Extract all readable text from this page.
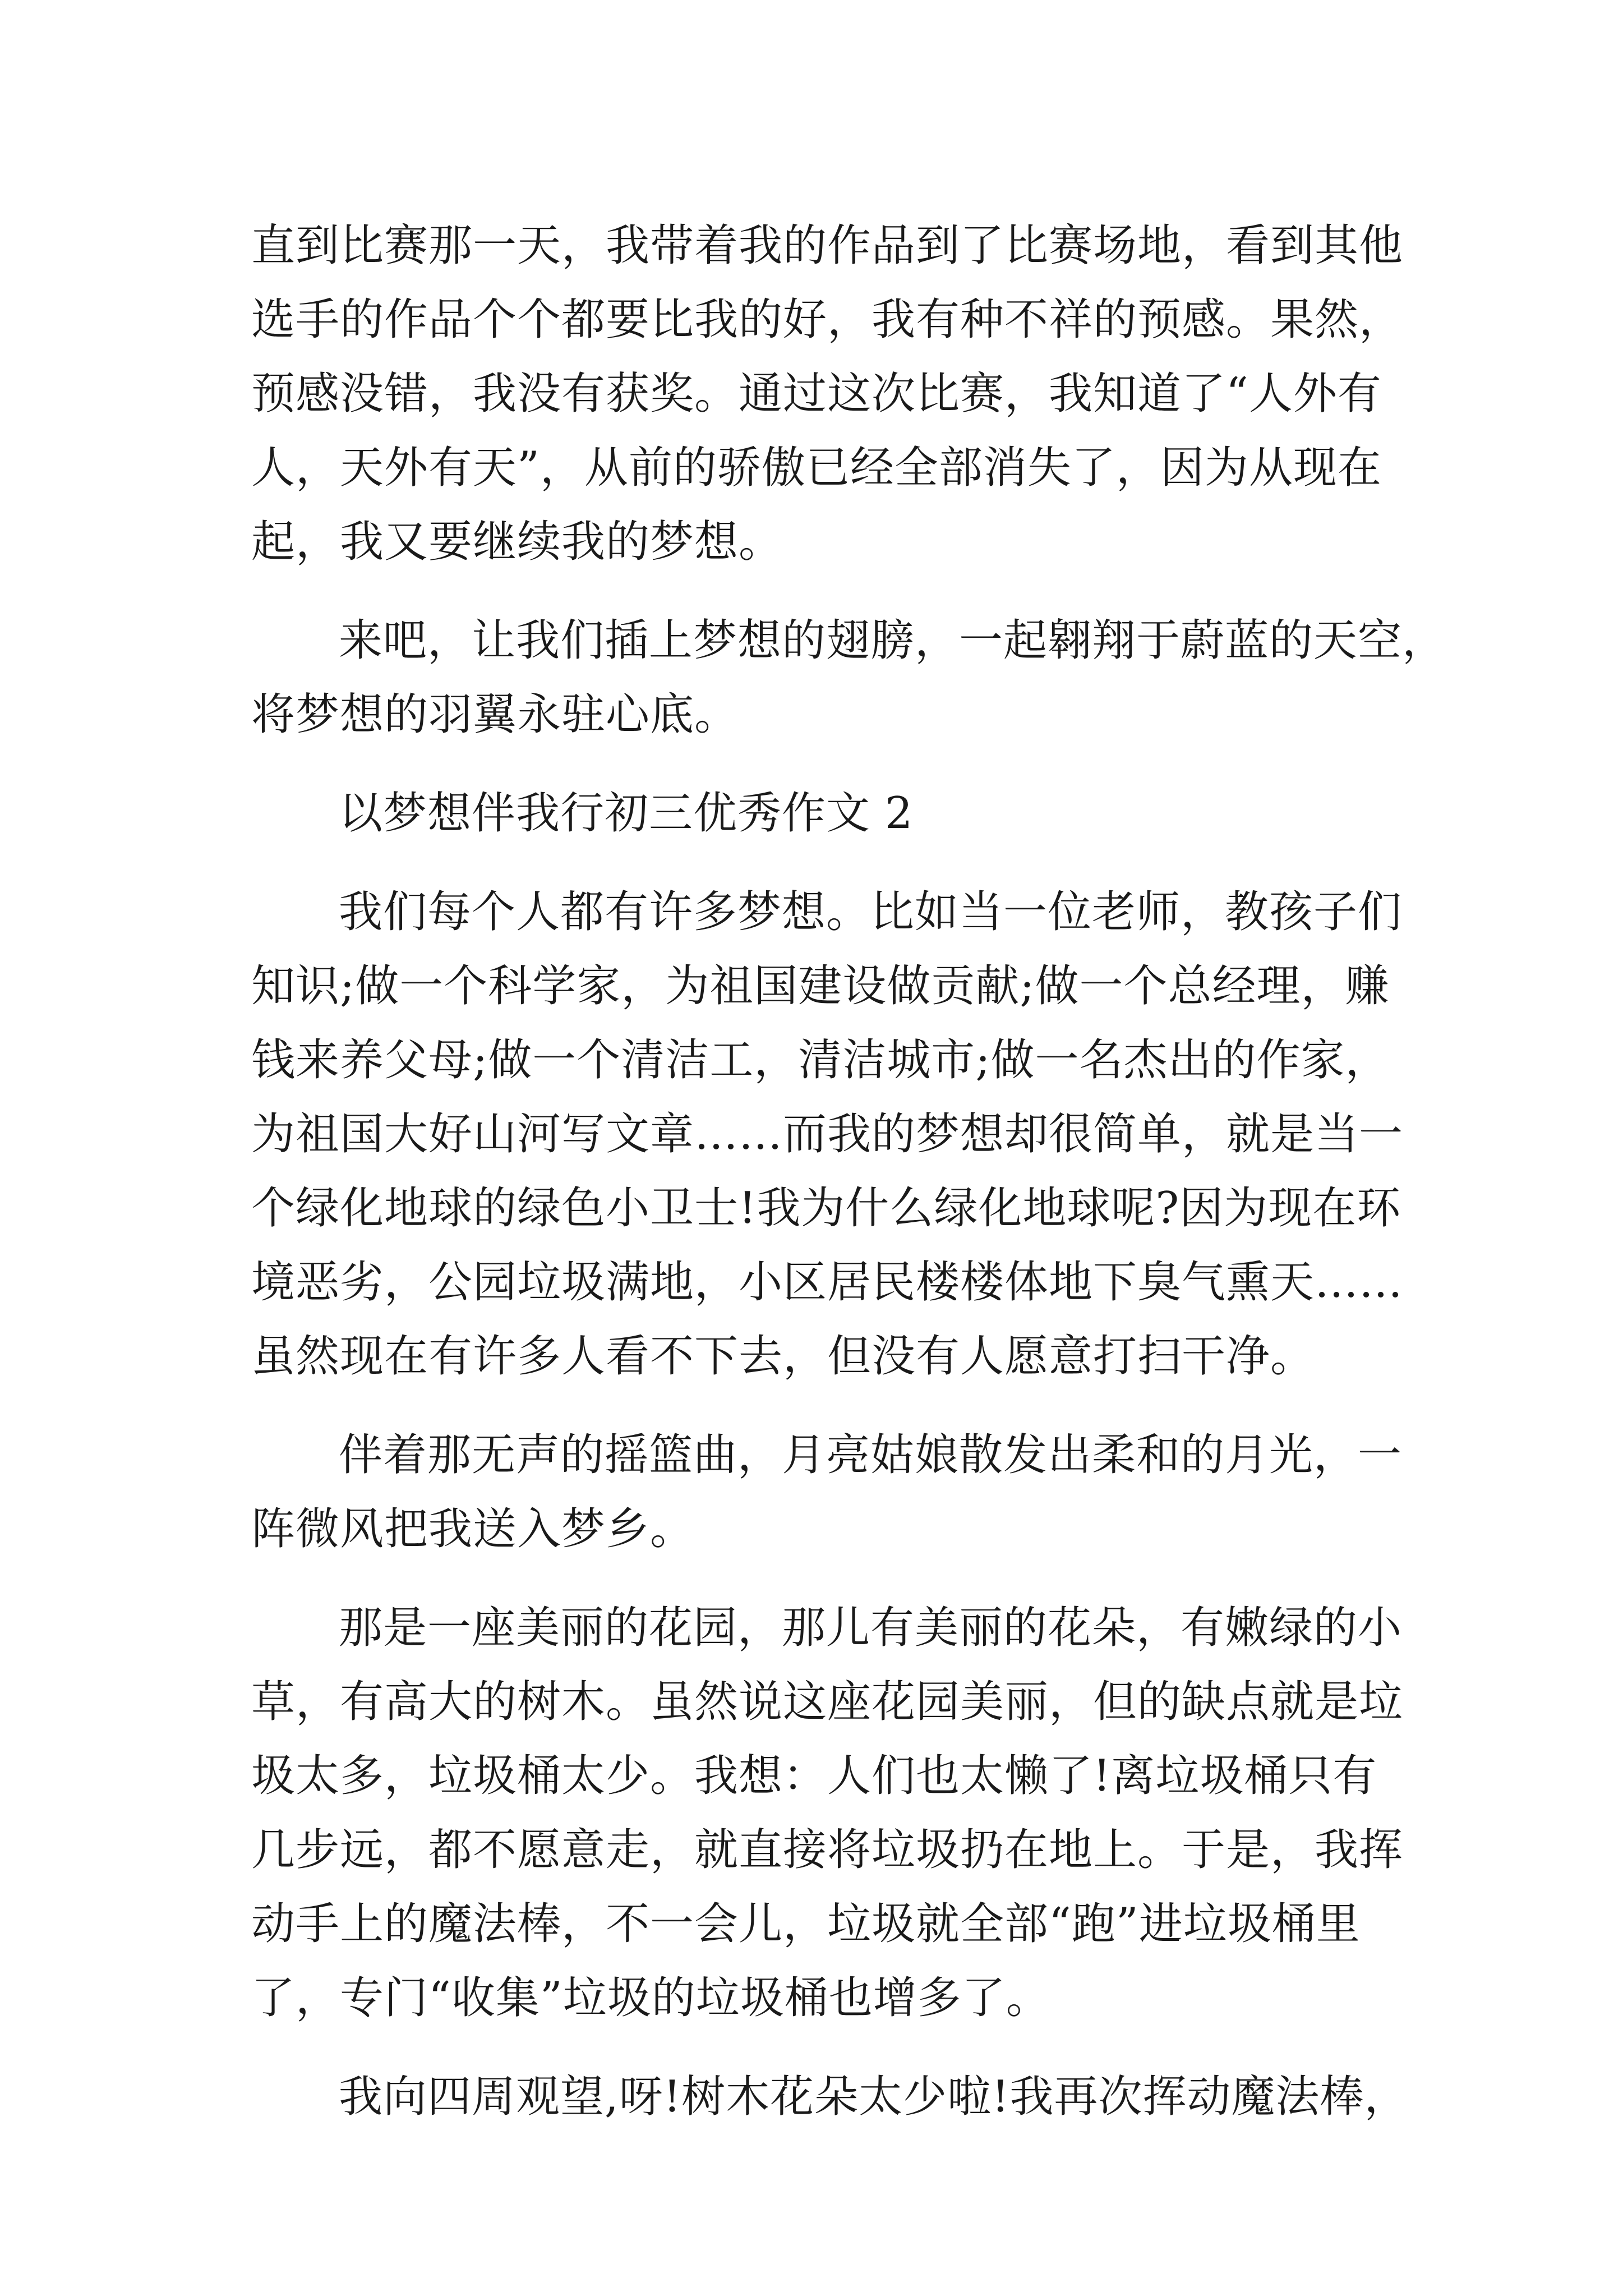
直到比赛那一天，我带着我的作品到了比赛场地，看到其他
选手的作品个个都要比我的好，我有种不祥的预感。果然，
预感没错，我没有获奖。通过这次比赛，我知道了“人外有
人，天外有天”，从前的骄傲已经全部消失了，因为从现在
起，我又要继续我的梦想。
来吧，让我们插上梦想的翅膀，一起翱翔于蔚蓝的天空，
将梦想的羽翼永驻心底。
以梦想伴我行初三优秀作文 2
我们每个人都有许多梦想。比如当一位老师，教孩子们
知识;做一个科学家，为祖国建设做贡献;做一个总经理，赚
钱来养父母;做一个清洁工，清洁城市;做一名杰出的作家，
为祖国大好山河写文章……而我的梦想却很简单，就是当一
个绿化地球的绿色小卫士!我为什么绿化地球呢?因为现在环
境恶劣，公园垃圾满地，小区居民楼楼体地下臭气熏天……
虽然现在有许多人看不下去，但没有人愿意打扫干净。
伴着那无声的摇篮曲，月亮姑娘散发出柔和的月光，一
阵微风把我送入梦乡。
那是一座美丽的花园，那儿有美丽的花朵，有嫩绿的小
草，有高大的树木。虽然说这座花园美丽，但的缺点就是垃
圾太多，垃圾桶太少。我想：人们也太懒了!离垃圾桶只有
几步远，都不愿意走，就直接将垃圾扔在地上。于是，我挥
动手上的魔法棒，不一会儿，垃圾就全部“跑”进垃圾桶里
了，专门“收集”垃圾的垃圾桶也增多了。
我向四周观望,呀!树木花朵太少啦!我再次挥动魔法棒，
